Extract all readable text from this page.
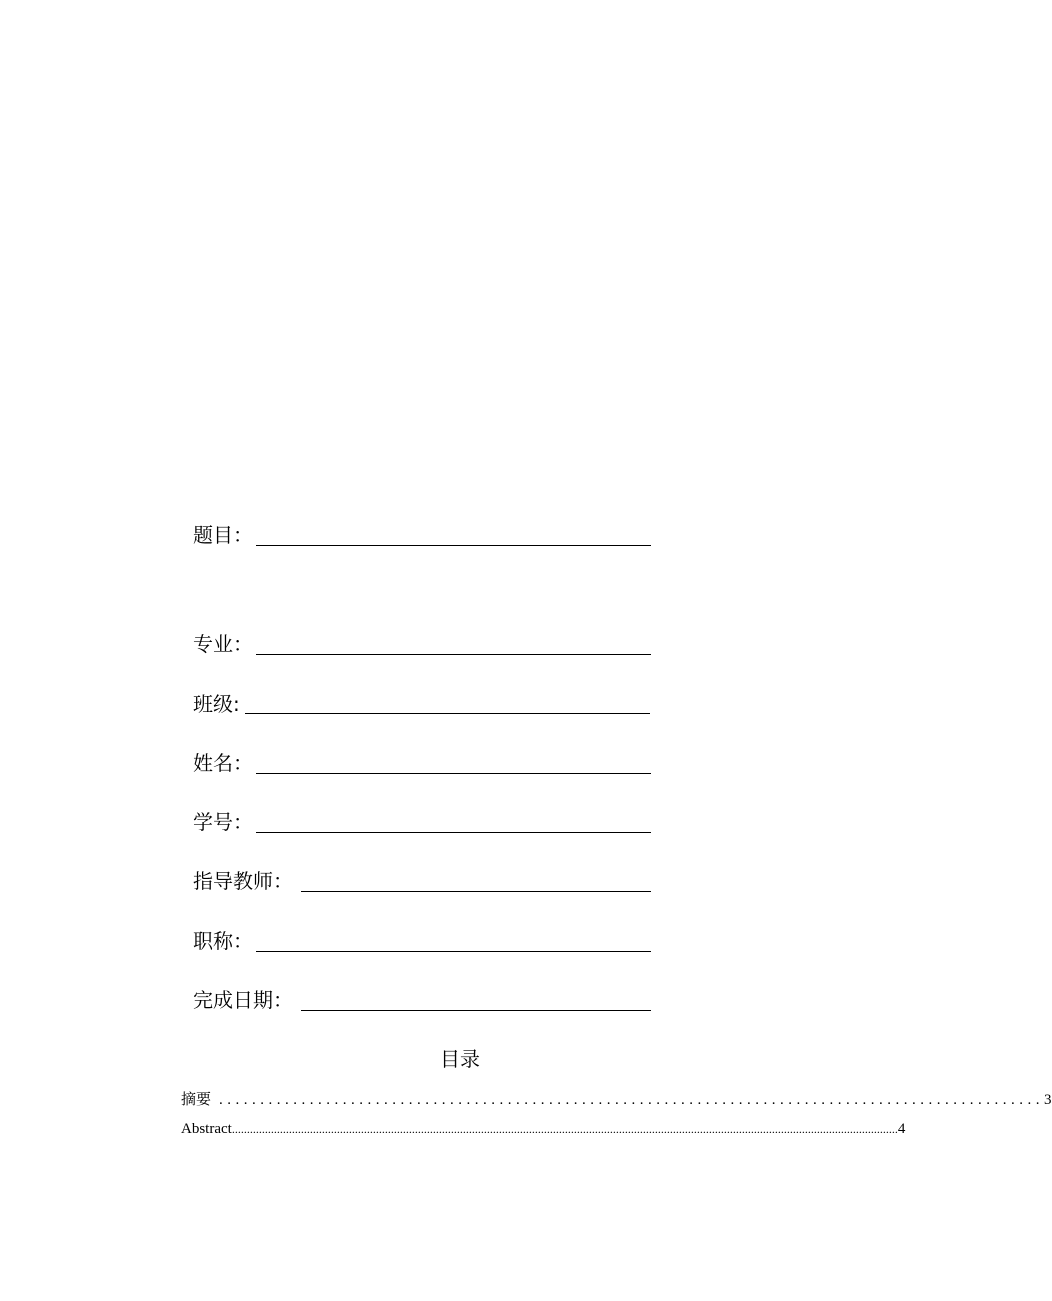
题目：
专业：
班级:
姓名：
学号：
指导教师：
职称：
完成日期：
目录
摘要 .................................................................................................... 3
Abstract .............................................................................................................................................................................................................................. 4
